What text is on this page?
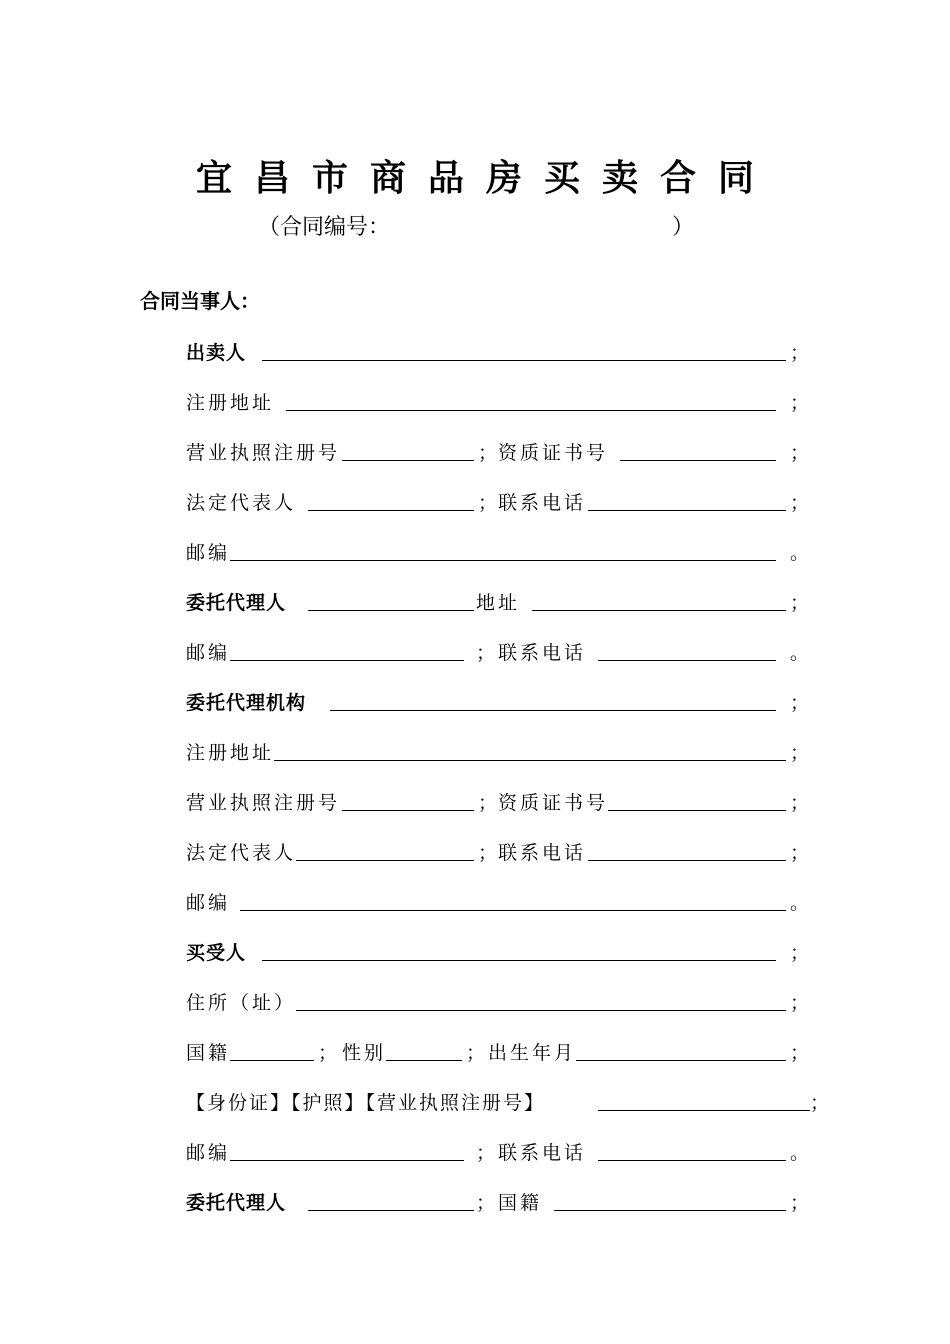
宜昌市商品房买卖合同
（合同编号：	）
合同当事人：
出卖人	；
注册地址	；
营业执照注册号	； 资质证书号	；
法定代表人	； 联系电话	；
邮编	。
委托代理人	地址	；
邮编	； 联系电话	。
委托代理机构	；
注册地址	；
营业执照注册号	； 资质证书号	；
法定代表人	； 联系电话	；
邮编	。
买受人	；
住所（址）	；
国籍	； 性别	； 出生年月	；
【身份证】【护照】【营业执照注册号】	；
邮编	； 联系电话	。
委托代理人	； 国籍	；
